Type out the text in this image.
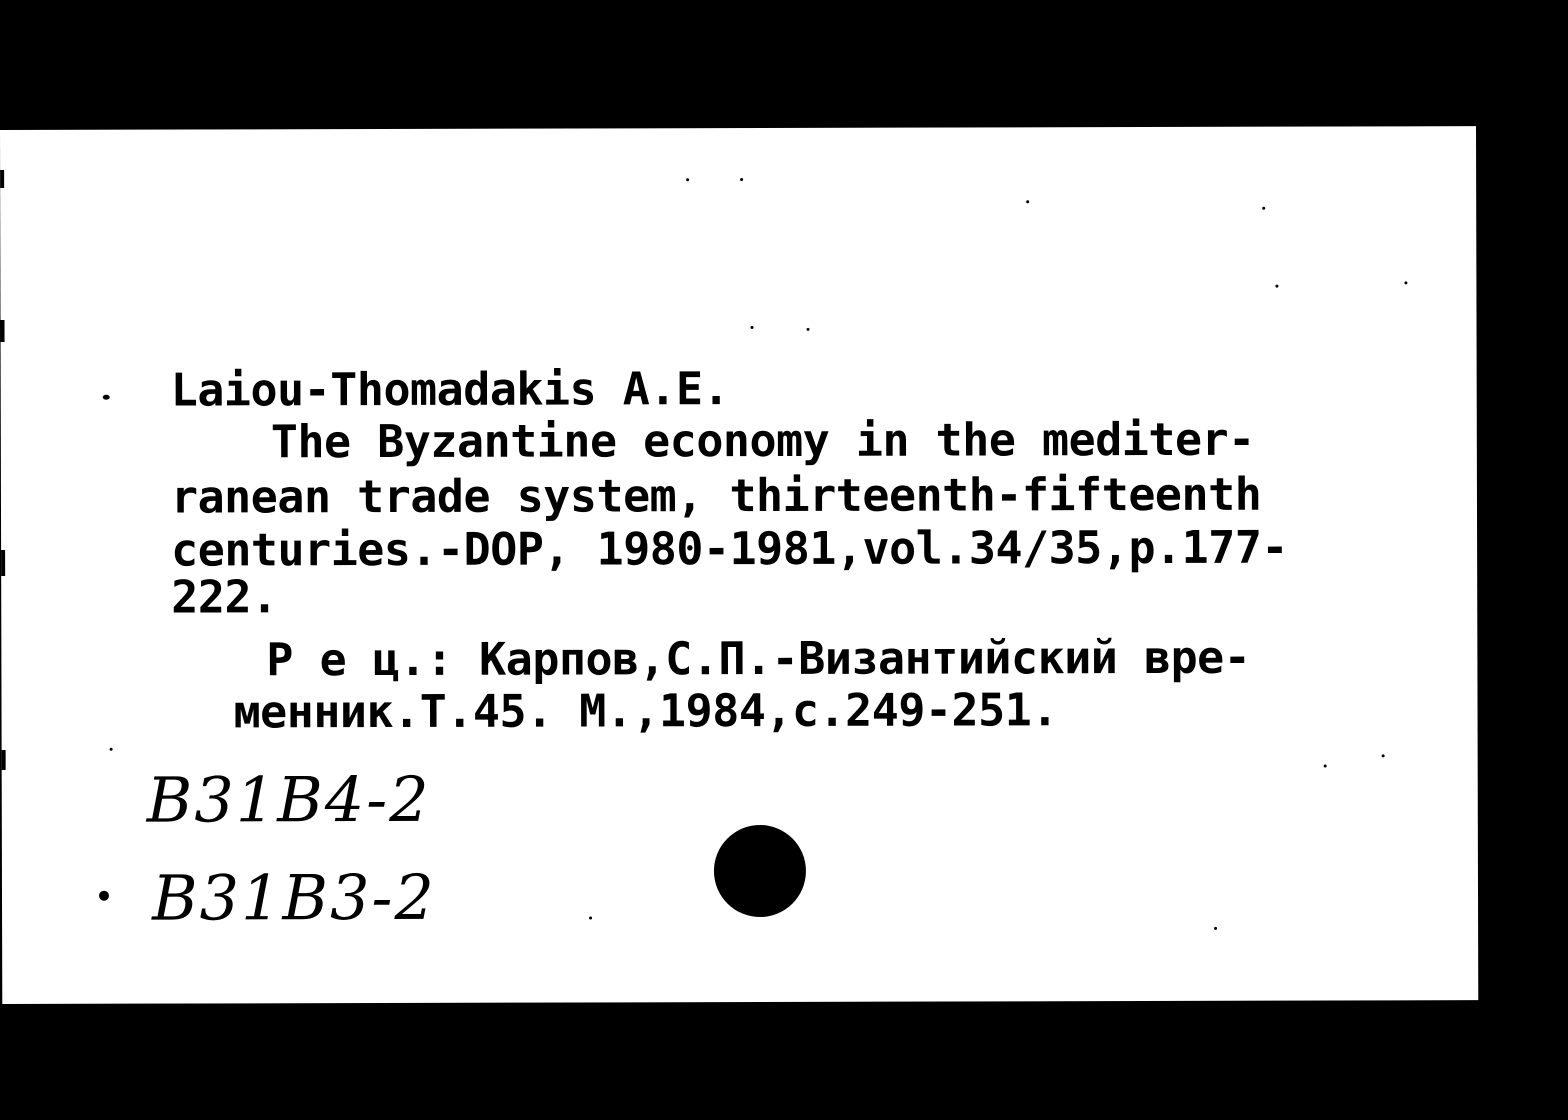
Laiou-Thomadakis A.E.

The Byzantine economy in the mediter-

ranean trade system, thirteenth-fifteenth

centuries.-DOP, 1980-1981,vol.34/35,p.177-

222.

Р е ц.: Карпов,С.П.-Византийский вре-

менник.Т.45. М.,1984,с.249-251.

B31B4-2

B31B3-2
